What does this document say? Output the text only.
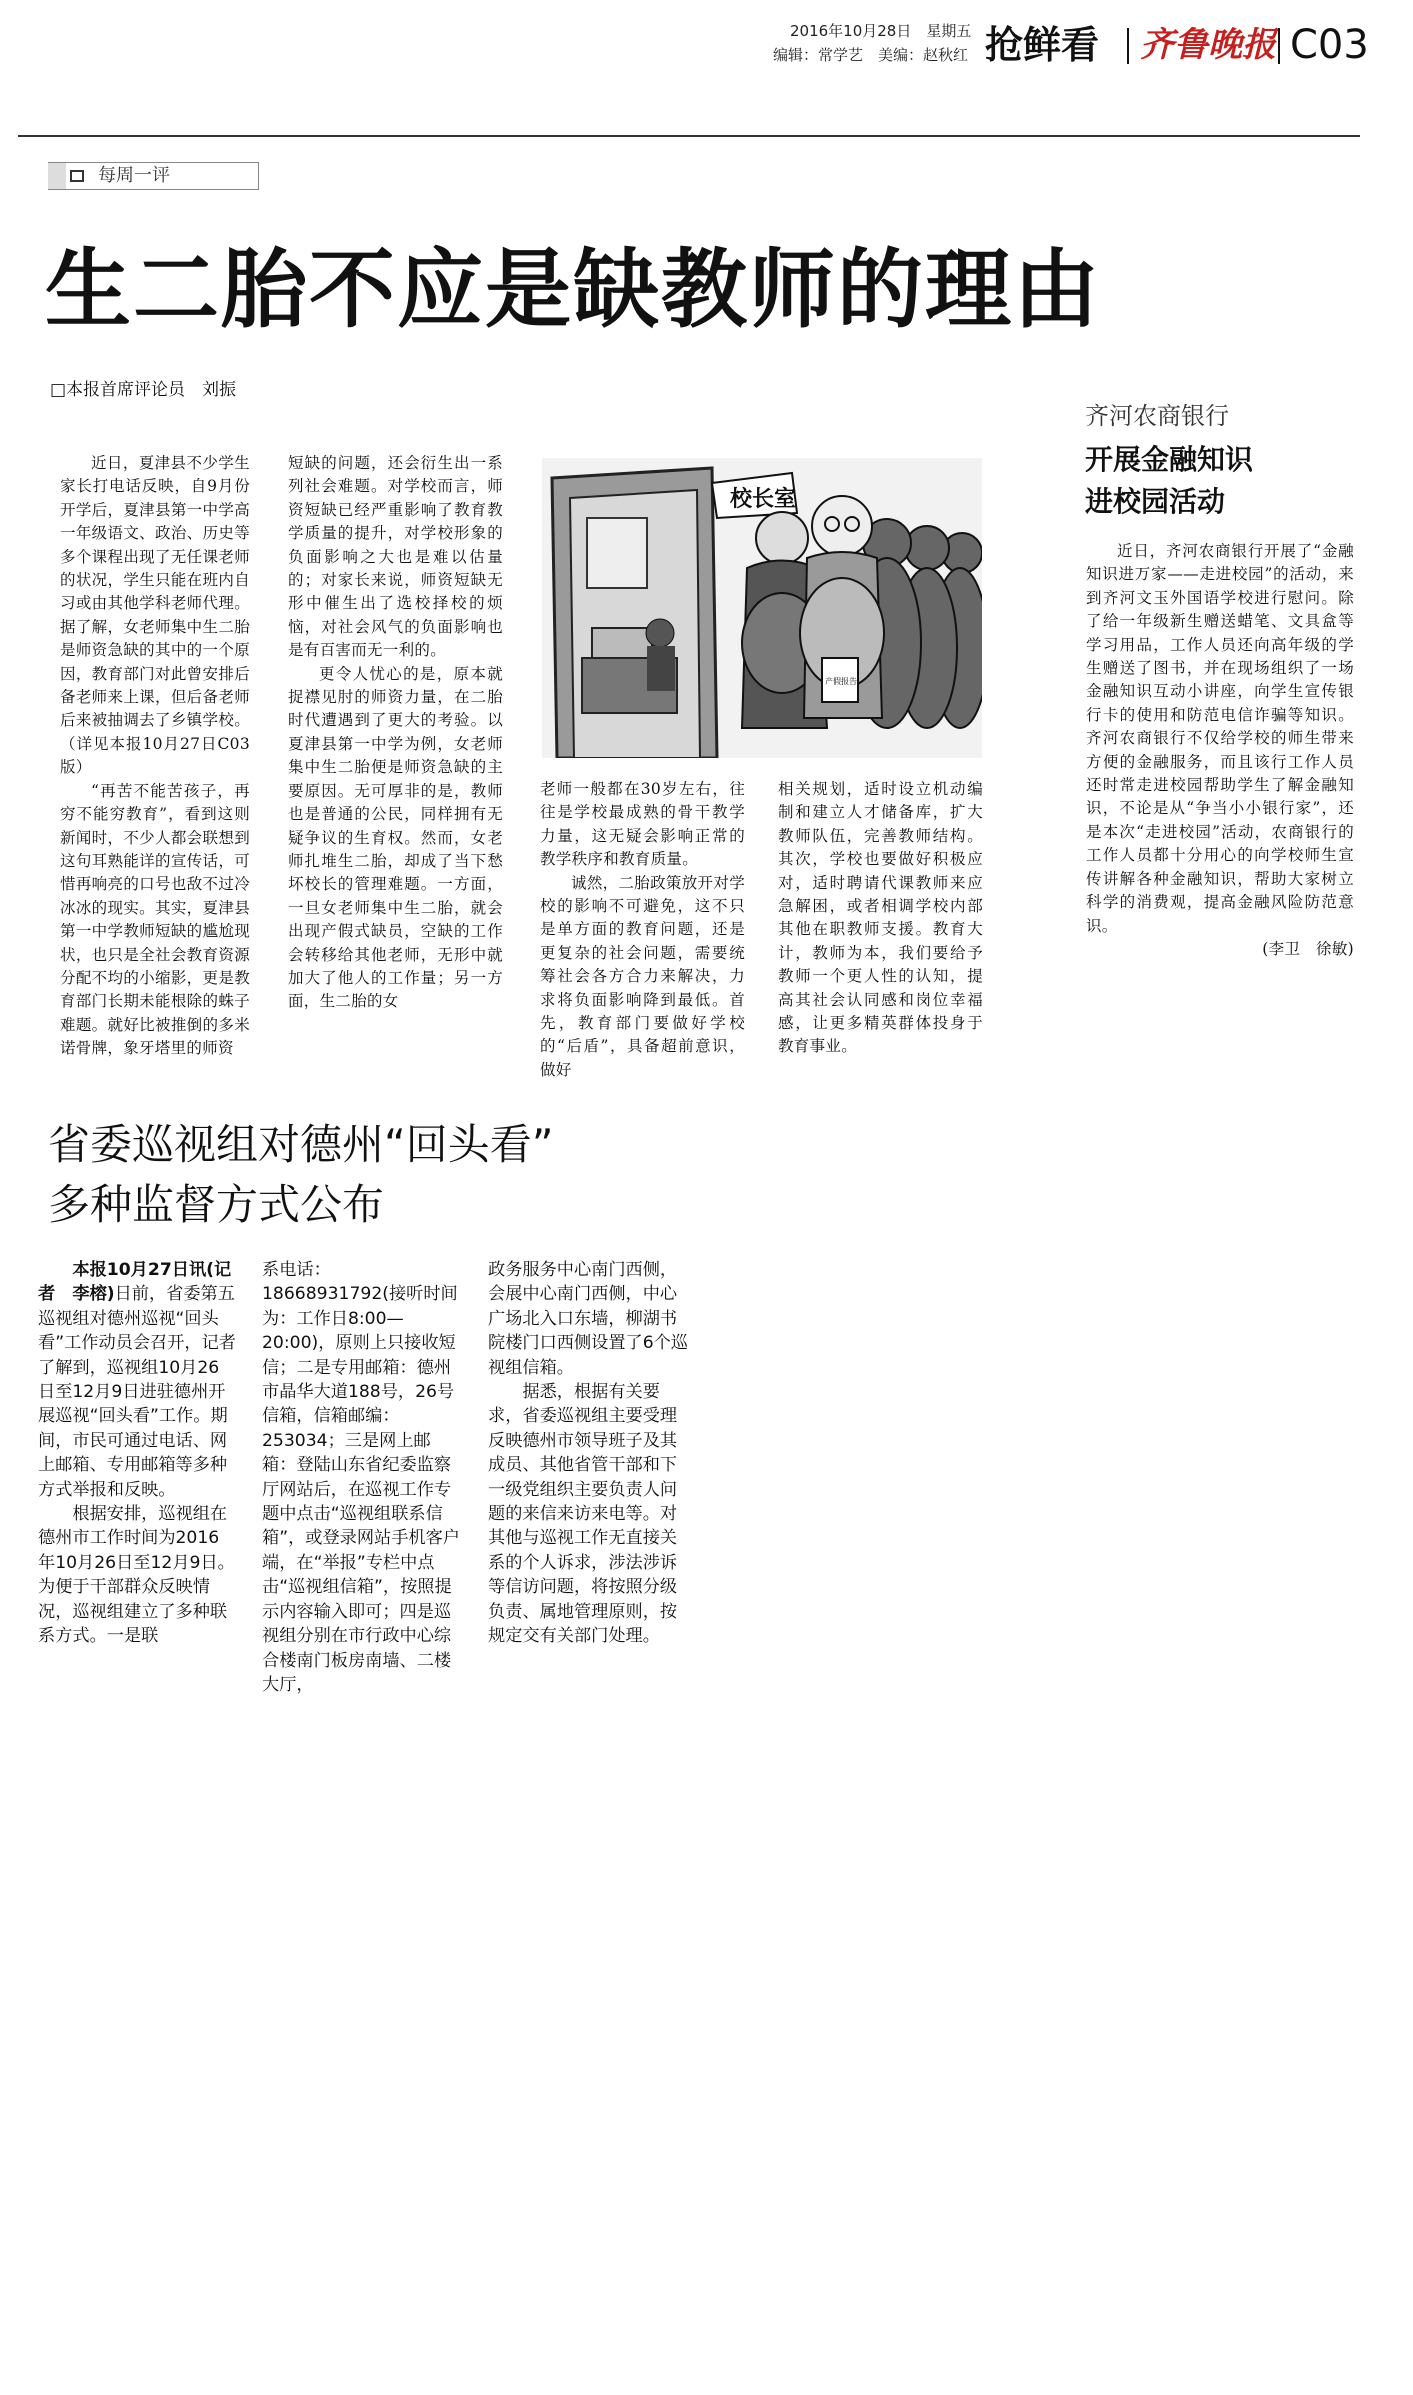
2016年10月28日　星期五
编辑：常学艺　美编：赵秋红 抢鲜看 齐鲁晚报 C03
每周一评
生二胎不应是缺教师的理由
□本报首席评论员　刘振

近日，夏津县不少学生家长打电话反映，自9月份开学后，夏津县第一中学高一年级语文、政治、历史等多个课程出现了无任课老师的状况，学生只能在班内自习或由其他学科老师代理。据了解，女老师集中生二胎是师资急缺的其中的一个原因，教育部门对此曾安排后备老师来上课，但后备老师后来被抽调去了乡镇学校。（详见本报10月27日C03版）

“再苦不能苦孩子，再穷不能穷教育”，看到这则新闻时，不少人都会联想到这句耳熟能详的宣传话，可惜再响亮的口号也敌不过冷冰冰的现实。其实，夏津县第一中学教师短缺的尴尬现状，也只是全社会教育资源分配不均的小缩影，更是教育部门长期未能根除的蛛子难题。就好比被推倒的多米诺骨牌，象牙塔里的师资

短缺的问题，还会衍生出一系列社会难题。对学校而言，师资短缺已经严重影响了教育教学质量的提升，对学校形象的负面影响之大也是难以估量的；对家长来说，师资短缺无形中催生出了选校择校的烦恼，对社会风气的负面影响也是有百害而无一利的。

更令人忧心的是，原本就捉襟见肘的师资力量，在二胎时代遭遇到了更大的考验。以夏津县第一中学为例，女老师集中生二胎便是师资急缺的主要原因。无可厚非的是，教师也是普通的公民，同样拥有无疑争议的生育权。然而，女老师扎堆生二胎，却成了当下愁坏校长的管理难题。一方面，一旦女老师集中生二胎，就会出现产假式缺员，空缺的工作会转移给其他老师，无形中就加大了他人的工作量；另一方面，生二胎的女

校长室
产假报告

老师一般都在30岁左右，往往是学校最成熟的骨干教学力量，这无疑会影响正常的教学秩序和教育质量。

诚然，二胎政策放开对学校的影响不可避免，这不只是单方面的教育问题，还是更复杂的社会问题，需要统筹社会各方合力来解决，力求将负面影响降到最低。首先，教育部门要做好学校的“后盾”，具备超前意识，做好

相关规划，适时设立机动编制和建立人才储备库，扩大教师队伍，完善教师结构。其次，学校也要做好积极应对，适时聘请代课教师来应急解困，或者相调学校内部其他在职教师支援。教育大计，教师为本，我们要给予教师一个更人性的认知，提高其社会认同感和岗位幸福感，让更多精英群体投身于教育事业。

齐河农商银行
开展金融知识
进校园活动

近日，齐河农商银行开展了“金融知识进万家——走进校园”的活动，来到齐河文玉外国语学校进行慰问。除了给一年级新生赠送蜡笔、文具盒等学习用品，工作人员还向高年级的学生赠送了图书，并在现场组织了一场金融知识互动小讲座，向学生宣传银行卡的使用和防范电信诈骗等知识。齐河农商银行不仅给学校的师生带来方便的金融服务，而且该行工作人员还时常走进校园帮助学生了解金融知识，不论是从“争当小小银行家”，还是本次“走进校园”活动，农商银行的工作人员都十分用心的向学校师生宣传讲解各种金融知识，帮助大家树立科学的消费观，提高金融风险防范意识。

(李卫　徐敏)
省委巡视组对德州“回头看”
多种监督方式公布

本报10月27日讯(记者　李榕)日前，省委第五巡视组对德州巡视“回头看”工作动员会召开，记者了解到，巡视组10月26日至12月9日进驻德州开展巡视“回头看”工作。期间，市民可通过电话、网上邮箱、专用邮箱等多种方式举报和反映。

根据安排，巡视组在德州市工作时间为2016年10月26日至12月9日。为便于干部群众反映情况，巡视组建立了多种联系方式。一是联

系电话：18668931792(接听时间为：工作日8:00—20:00)，原则上只接收短信；二是专用邮箱：德州市晶华大道188号，26号信箱，信箱邮编：253034；三是网上邮箱：登陆山东省纪委监察厅网站后，在巡视工作专题中点击“巡视组联系信箱”，或登录网站手机客户端，在“举报”专栏中点击“巡视组信箱”，按照提示内容输入即可；四是巡视组分别在市行政中心综合楼南门板房南墙、二楼大厅，

政务服务中心南门西侧，会展中心南门西侧，中心广场北入口东墙，柳湖书院楼门口西侧设置了6个巡视组信箱。

据悉，根据有关要求，省委巡视组主要受理反映德州市领导班子及其成员、其他省管干部和下一级党组织主要负责人问题的来信来访来电等。对其他与巡视工作无直接关系的个人诉求，涉法涉诉等信访问题，将按照分级负责、属地管理原则，按规定交有关部门处理。
